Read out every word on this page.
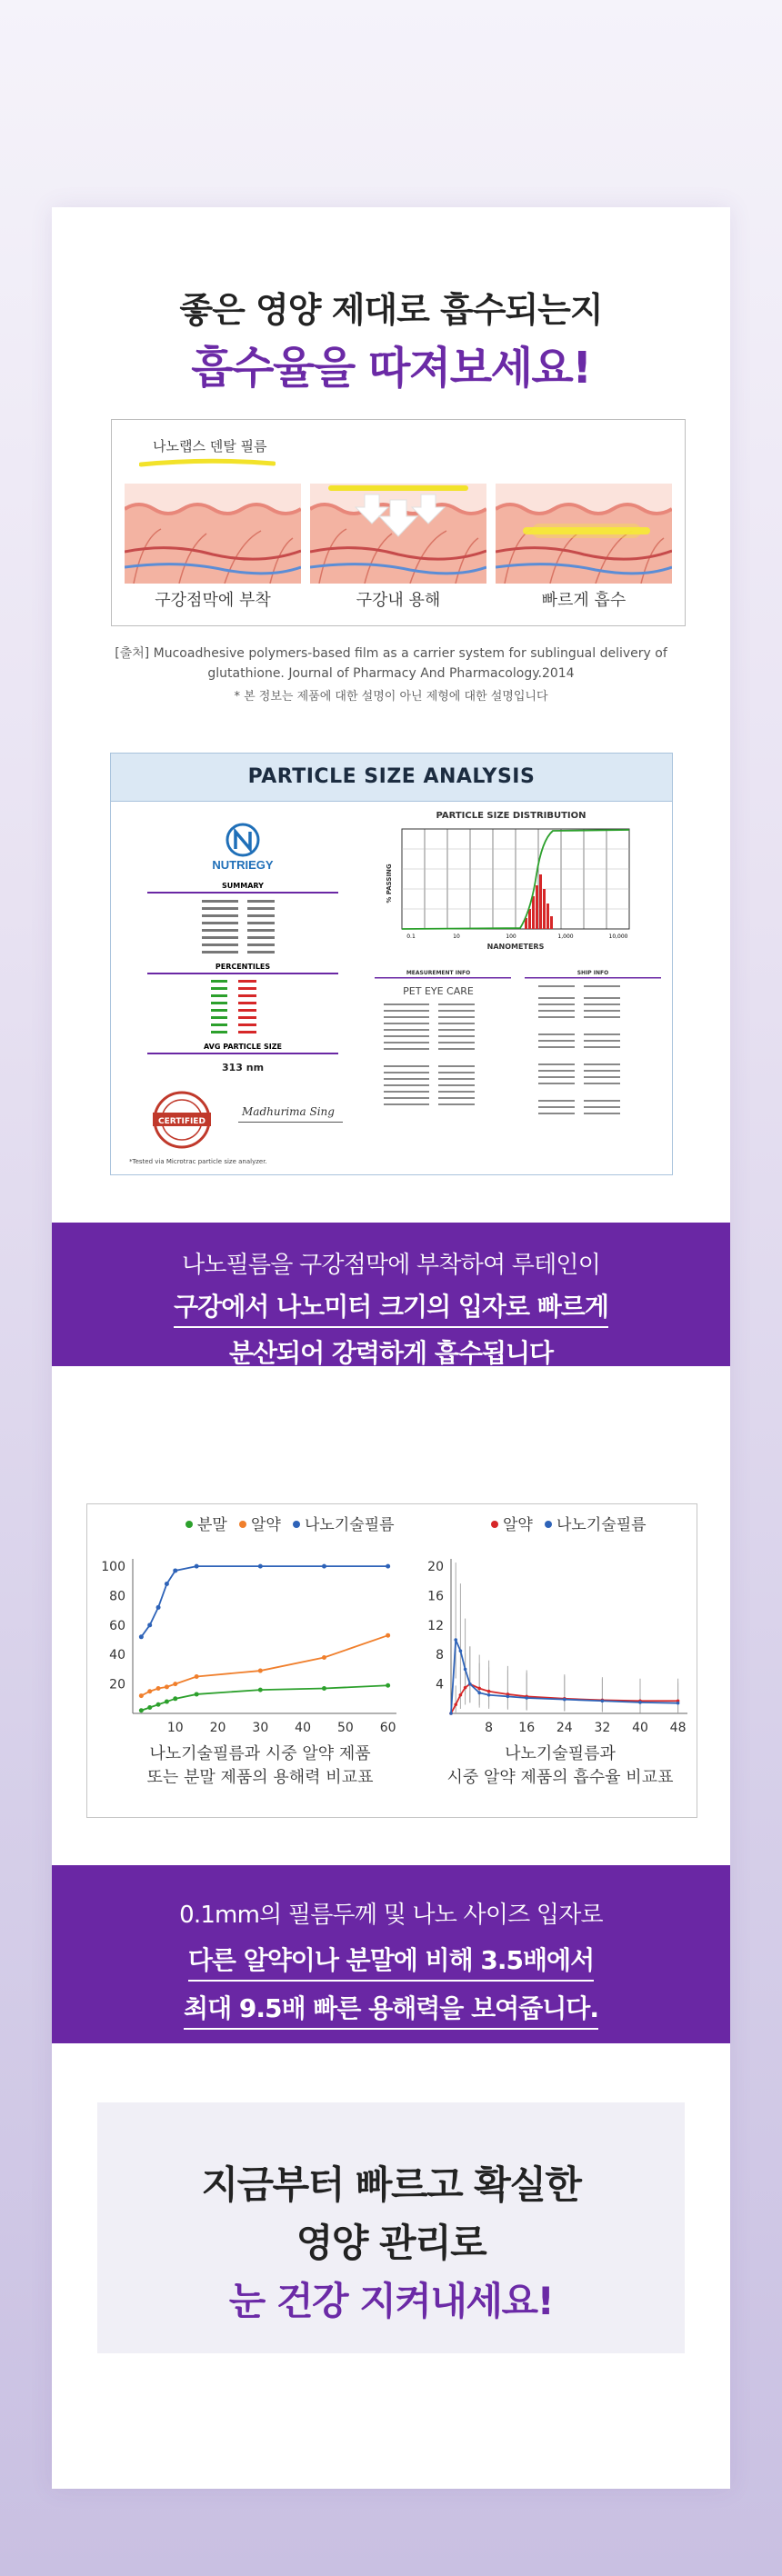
좋은 영양 제대로 흡수되는지
흡수율을 따져보세요!
나노랩스 덴탈 필름
구강점막에 부착	구강내 용해	빠르게 흡수
[출처] Mucoadhesive polymers-based film as a carrier system for sublingual delivery of glutathione. Journal of Pharmacy And Pharmacology.2014
* 본 정보는 제품에 대한 설명이 아닌 제형에 대한 설명입니다
PARTICLE SIZE ANALYSIS
NUTRIEGY
SUMMARY
PERCENTILES
AVG PARTICLE SIZE
313 nm
CERTIFIED
Madhurima Sing
*Tested via Microtrac particle size analyzer.
PARTICLE SIZE DISTRIBUTION
% PASSING
0.1	10	100	1,000	10,000
NANOMETERS
MEASUREMENT INFO
PET EYE CARE
SHIP INFO
나노필름을 구강점막에 부착하여 루테인이
구강에서 나노미터 크기의 입자로 빠르게
분산되어 강력하게 흡수됩니다
10 20 30 40 50 60
20
40
60
80
100
분말 알약 나노기술필름
8 16 24 32 40 48
4
8
12
16
20
알약 나노기술필름
나노기술필름과 시중 알약 제품
또는 분말 제품의 용해력 비교표
나노기술필름과
시중 알약 제품의 흡수율 비교표
0.1mm의 필름두께 및 나노 사이즈 입자로
다른 알약이나 분말에 비해 3.5배에서
최대 9.5배 빠른 용해력을 보여줍니다.
지금부터 빠르고 확실한
영양 관리로
눈 건강 지켜내세요!
